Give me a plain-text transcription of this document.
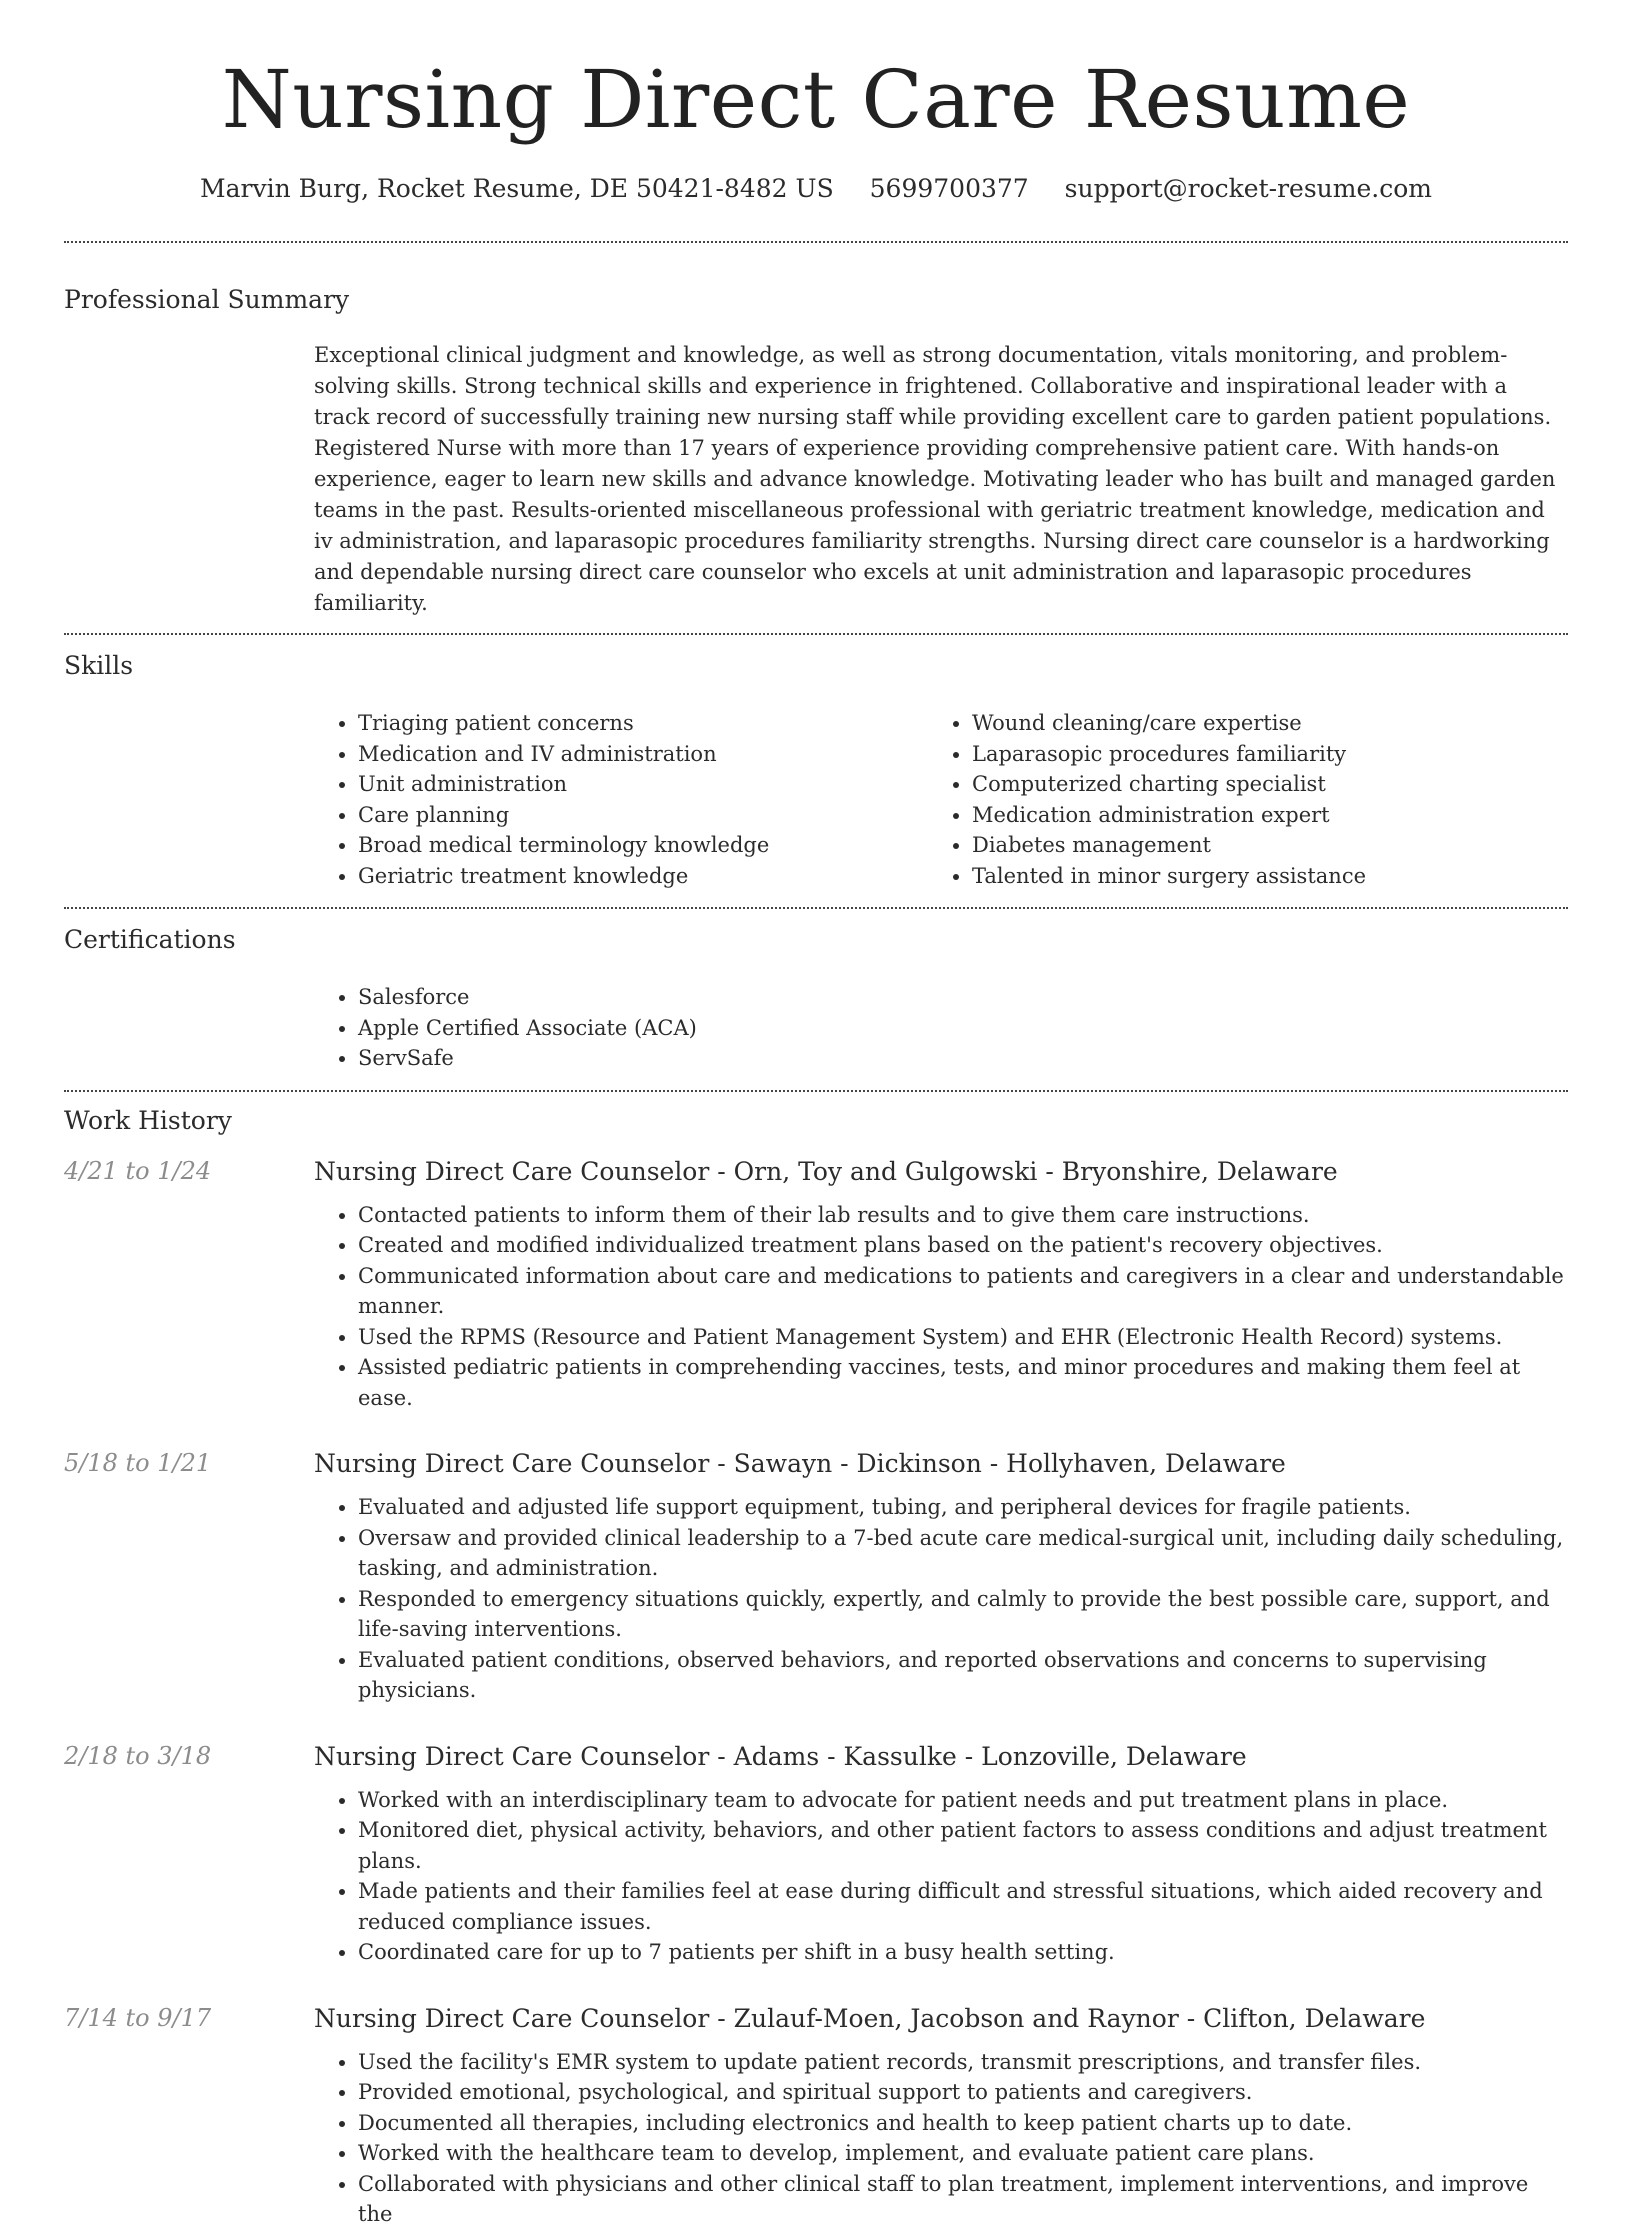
Nursing Direct Care Resume
Marvin Burg, Rocket Resume, DE 50421-8482 US 5699700377 support@rocket-resume.com
Professional Summary

Exceptional clinical judgment and knowledge, as well as strong documentation, vitals monitoring, and problem-solving skills. Strong technical skills and experience in frightened. Collaborative and inspirational leader with a track record of successfully training new nursing staff while providing excellent care to garden patient populations. Registered Nurse with more than 17 years of experience providing comprehensive patient care. With hands-on experience, eager to learn new skills and advance knowledge. Motivating leader who has built and managed garden teams in the past. Results-oriented miscellaneous professional with geriatric treatment knowledge, medication and iv administration, and laparasopic procedures familiarity strengths. Nursing direct care counselor is a hardworking and dependable nursing direct care counselor who excels at unit administration and laparasopic procedures familiarity.

Skills
• Triaging patient concerns
• Medication and IV administration
• Unit administration
• Care planning
• Broad medical terminology knowledge
• Geriatric treatment knowledge
• Wound cleaning/care expertise
• Laparasopic procedures familiarity
• Computerized charting specialist
• Medication administration expert
• Diabetes management
• Talented in minor surgery assistance
Certifications
• Salesforce
• Apple Certified Associate (ACA)
• ServSafe
Work History
4/21 to 1/24	Nursing Direct Care Counselor - Orn, Toy and Gulgowski - Bryonshire, Delaware
• Contacted patients to inform them of their lab results and to give them care instructions.
• Created and modified individualized treatment plans based on the patient's recovery objectives.
• Communicated information about care and medications to patients and caregivers in a clear and understandable manner.
• Used the RPMS (Resource and Patient Management System) and EHR (Electronic Health Record) systems.
• Assisted pediatric patients in comprehending vaccines, tests, and minor procedures and making them feel at ease.
5/18 to 1/21	Nursing Direct Care Counselor - Sawayn - Dickinson - Hollyhaven, Delaware
• Evaluated and adjusted life support equipment, tubing, and peripheral devices for fragile patients.
• Oversaw and provided clinical leadership to a 7-bed acute care medical-surgical unit, including daily scheduling, tasking, and administration.
• Responded to emergency situations quickly, expertly, and calmly to provide the best possible care, support, and life-saving interventions.
• Evaluated patient conditions, observed behaviors, and reported observations and concerns to supervising physicians.
2/18 to 3/18	Nursing Direct Care Counselor - Adams - Kassulke - Lonzoville, Delaware
• Worked with an interdisciplinary team to advocate for patient needs and put treatment plans in place.
• Monitored diet, physical activity, behaviors, and other patient factors to assess conditions and adjust treatment plans.
• Made patients and their families feel at ease during difficult and stressful situations, which aided recovery and reduced compliance issues.
• Coordinated care for up to 7 patients per shift in a busy health setting.
7/14 to 9/17	Nursing Direct Care Counselor - Zulauf-Moen, Jacobson and Raynor - Clifton, Delaware
• Used the facility's EMR system to update patient records, transmit prescriptions, and transfer files.
• Provided emotional, psychological, and spiritual support to patients and caregivers.
• Documented all therapies, including electronics and health to keep patient charts up to date.
• Worked with the healthcare team to develop, implement, and evaluate patient care plans.
• Collaborated with physicians and other clinical staff to plan treatment, implement interventions, and improve the
